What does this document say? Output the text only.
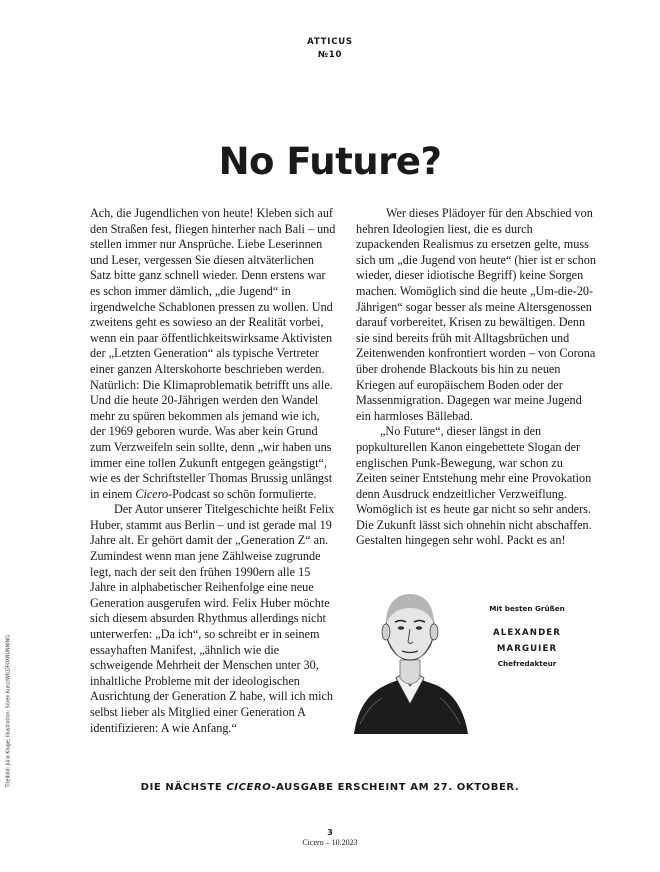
ATTICUS
№10
No Future?

Ach, die Jugendlichen von heute! Kleben sich auf den Straßen fest, fliegen hinterher nach Bali – und stellen immer nur Ansprüche. Liebe Leserinnen und Leser, vergessen Sie diesen altväterlichen Satz bitte ganz schnell wieder. Denn erstens war es schon immer dämlich, „die Jugend“ in irgendwelche Schablonen pressen zu wollen. Und zweitens geht es sowieso an der Realität vorbei, wenn ein paar öffentlichkeitswirksame Aktivisten der „Letzten Generation“ als typische Vertreter einer ganzen Alterskohorte beschrieben werden. Natürlich: Die Klimaproblematik betrifft uns alle. Und die heute 20-Jährigen werden den Wandel mehr zu spüren bekommen als jemand wie ich, der 1969 geboren wurde. Was aber kein Grund zum Verzweifeln sein sollte, denn „wir haben uns immer eine tollen Zukunft entgegen geängstigt“, wie es der Schriftsteller Thomas Brussig unlängst in einem Cicero-Podcast so schön formulierte.

Der Autor unserer Titelgeschichte heißt Felix Huber, stammt aus Berlin – und ist gerade mal 19 Jahre alt. Er gehört damit der „Generation Z“ an. Zumindest wenn man jene Zählweise zugrunde legt, nach der seit den frühen 1990ern alle 15 Jahre in alphabetischer Reihenfolge eine neue Generation ausgerufen wird. Felix Huber möchte sich diesem absurden Rhythmus allerdings nicht unterwerfen: „Da ich“, so schreibt er in seinem essayhaften Manifest, „ähnlich wie die schweigende Mehrheit der Menschen unter 30, inhaltliche Probleme mit der ideologischen Ausrichtung der Generation Z habe, will ich mich selbst lieber als Mitglied einer Generation A identifizieren: A wie Anfang.“

Wer dieses Plädoyer für den Abschied von hehren Ideologien liest, die es durch zupackenden Realismus zu ersetzen gelte, muss sich um „die Jugend von heute“ (hier ist er schon wieder, dieser idiotische Begriff) keine Sorgen machen. Womöglich sind die heute „Um-die-20-Jährigen“ sogar besser als meine Altersgenossen darauf vorbereitet, Krisen zu bewältigen. Denn sie sind bereits früh mit Alltagsbrüchen und Zeitenwenden konfrontiert worden – von Corona über drohende Blackouts bis hin zu neuen Kriegen auf europäischem Boden oder der Massenmigration. Dagegen war meine Jugend ein harmloses Bällebad.

„No Future“, dieser längst in den popkulturellen Kanon eingebettete Slogan der englischen Punk-Bewegung, war schon zu Zeiten seiner Entstehung mehr eine Provokation denn Ausdruck endzeitlicher Verzweiflung. Womöglich ist es heute gar nicht so sehr anders. Die Zukunft lässt sich ohnehin nicht abschaffen. Gestalten hingegen sehr wohl. Packt es an!

Mit besten Grüßen
ALEXANDER
MARGUIER
Chefredakteur
DIE NÄCHSTE CICERO-AUSGABE ERSCHEINT AM 27. OKTOBER.
Titelbild: Julia Kluge; Illustration: Sören Kunz/WILDFOXRUNNING
3
Cicero – 10.2023
